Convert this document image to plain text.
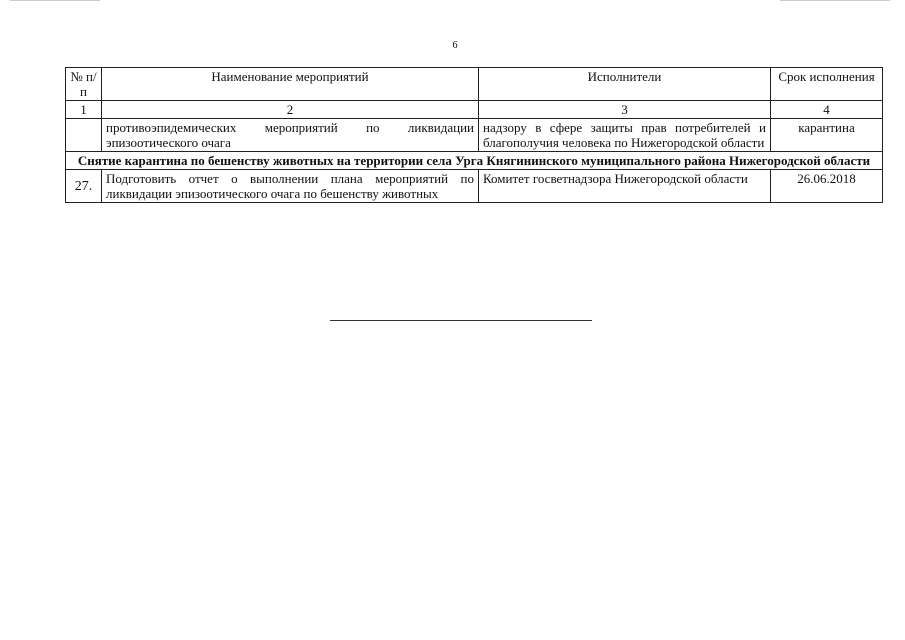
6
№ п/п	Наименование мероприятий	Исполнители	Срок исполнения
1	2	3	4
	противоэпидемических мероприятий по ликвидации эпизоотического очага	надзору в сфере защиты прав потребителей и благополучия человека по Нижегородской области	карантина
Снятие карантина по бешенству животных на территории села Урга Княгининского муниципального района Нижегородской области			
27.	Подготовить отчет о выполнении плана мероприятий по ликвидации эпизоотического очага по бешенству животных	Комитет госветнадзора Нижегородской области	26.06.2018
